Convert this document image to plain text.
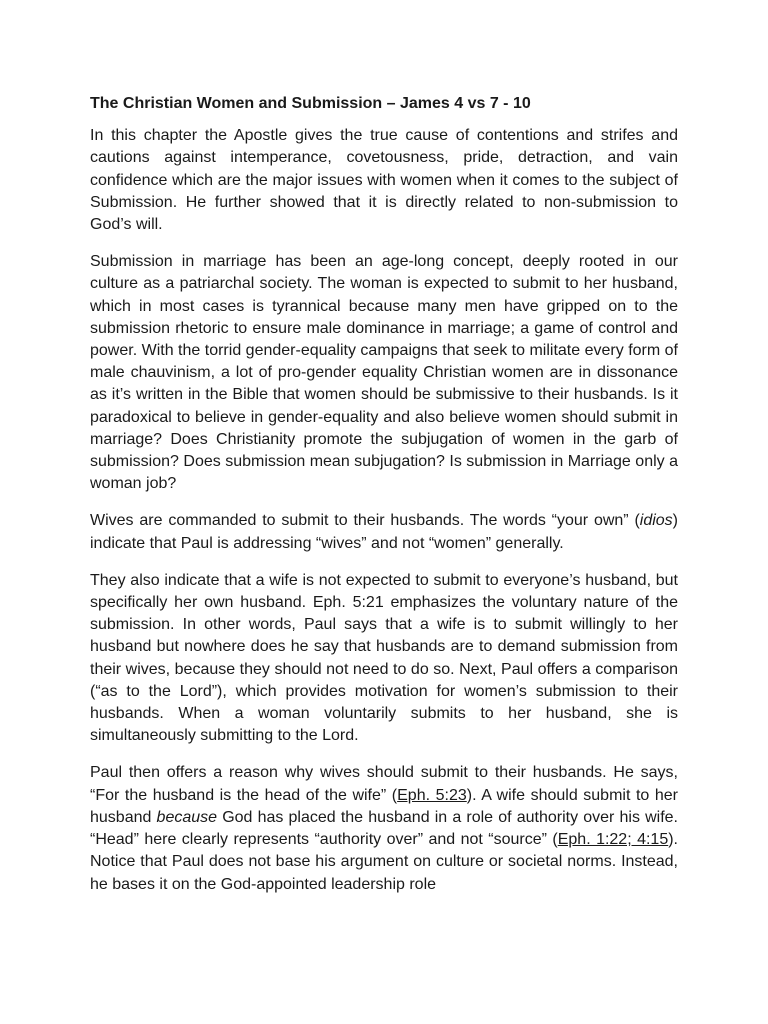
The Christian Women and Submission – James 4 vs 7 - 10

In this chapter the Apostle gives the true cause of contentions and strifes and cautions against intemperance, covetousness, pride, detraction, and vain confidence which are the major issues with women when it comes to the subject of Submission. He further showed that it is directly related to non-submission to God’s will.

Submission in marriage has been an age-long concept, deeply rooted in our culture as a patriarchal society. The woman is expected to submit to her husband, which in most cases is tyrannical because many men have gripped on to the submission rhetoric to ensure male dominance in marriage; a game of control and power. With the torrid gender-equality campaigns that seek to militate every form of male chauvinism, a lot of pro-gender equality Christian women are in dissonance as it’s written in the Bible that women should be submissive to their husbands. Is it paradoxical to believe in gender-equality and also believe women should submit in marriage? Does Christianity promote the subjugation of women in the garb of submission? Does submission mean subjugation? Is submission in Marriage only a woman job?

Wives are commanded to submit to their husbands. The words “your own” (idios) indicate that Paul is addressing “wives” and not “women” generally.

They also indicate that a wife is not expected to submit to everyone’s husband, but specifically her own husband. Eph. 5:21 emphasizes the voluntary nature of the submission. In other words, Paul says that a wife is to submit willingly to her husband but nowhere does he say that husbands are to demand submission from their wives, because they should not need to do so. Next, Paul offers a comparison (“as to the Lord”), which provides motivation for women’s submission to their husbands. When a woman voluntarily submits to her husband, she is simultaneously submitting to the Lord.

Paul then offers a reason why wives should submit to their husbands. He says, “For the husband is the head of the wife” (Eph. 5:23). A wife should submit to her husband because God has placed the husband in a role of authority over his wife. “Head” here clearly represents “authority over” and not “source” (Eph. 1:22; 4:15). Notice that Paul does not base his argument on culture or societal norms. Instead, he bases it on the God-appointed leadership role
